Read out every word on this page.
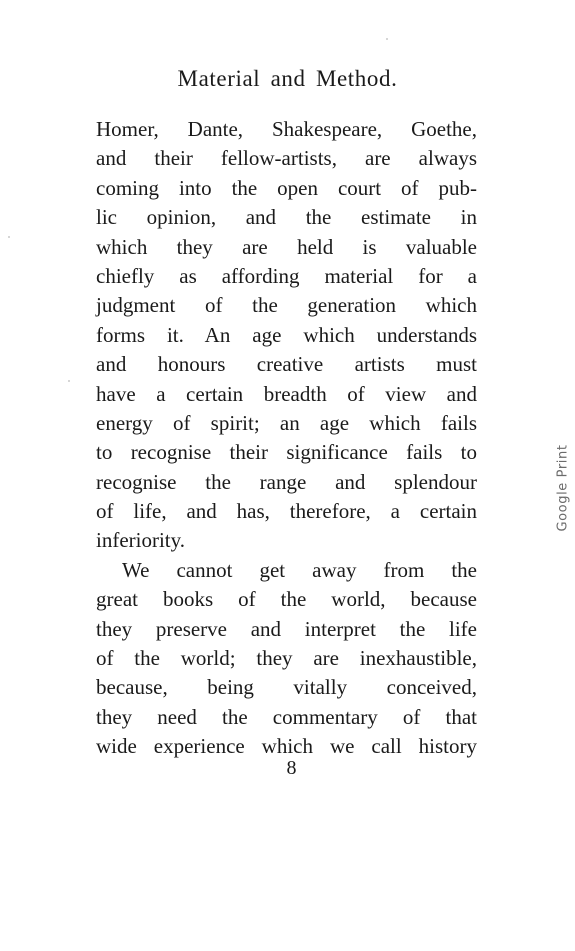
Material and Method.
Homer, Dante, Shakespeare, Goethe,
and their fellow-artists, are always
coming into the open court of pub-
lic opinion, and the estimate in
which they are held is valuable
chiefly as affording material for a
judgment of the generation which
forms it. An age which understands
and honours creative artists must
have a certain breadth of view and
energy of spirit; an age which fails
to recognise their significance fails to
recognise the range and splendour
of life, and has, therefore, a certain
inferiority.
We cannot get away from the
great books of the world, because
they preserve and interpret the life
of the world; they are inexhaustible,
because, being vitally conceived,
they need the commentary of that
wide experience which we call history
8
Google Print
